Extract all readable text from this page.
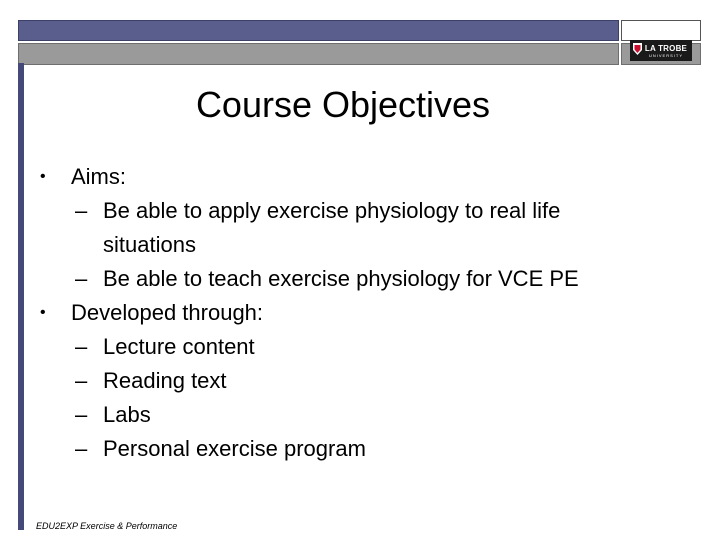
LA TROBE
UNIVERSITY
Course Objectives
• Aims:
– Be able to apply exercise physiology to real life situations
– Be able to teach exercise physiology for VCE PE
• Developed through:
– Lecture content
– Reading text
– Labs
– Personal exercise program
EDU2EXP Exercise & Performance
